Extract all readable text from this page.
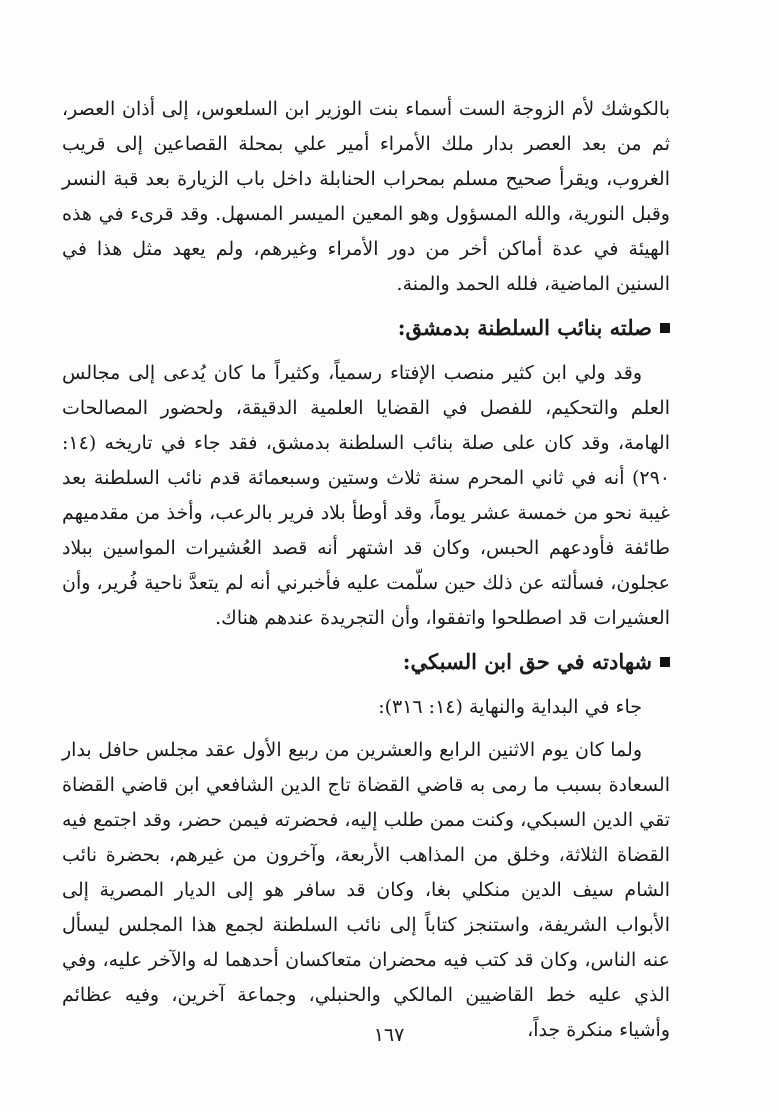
بالكوشك لأم الزوجة الست أسماء بنت الوزير ابن السلعوس، إلى أذان العصر، ثم من بعد العصر بدار ملك الأمراء أمير علي بمحلة القصاعين إلى قريب الغروب، ويقرأ صحيح مسلم بمحراب الحنابلة داخل باب الزيارة بعد قبة النسر وقبل النورية، والله المسؤول وهو المعين الميسر المسهل. وقد قرىء في هذه الهيئة في عدة أماكن أخر من دور الأمراء وغيرهم، ولم يعهد مثل هذا في السنين الماضية، فلله الحمد والمنة.

صلته بنائب السلطنة بدمشق:

وقد ولي ابن كثير منصب الإفتاء رسمياً، وكثيراً ما كان يُدعى إلى مجالس العلم والتحكيم، للفصل في القضايا العلمية الدقيقة، ولحضور المصالحات الهامة، وقد كان على صلة بنائب السلطنة بدمشق، فقد جاء في تاريخه (١٤: ٢٩٠) أنه في ثاني المحرم سنة ثلاث وستين وسبعمائة قدم نائب السلطنة بعد غيبة نحو من خمسة عشر يوماً، وقد أوطأ بلاد فرير بالرعب، وأخذ من مقدميهم طائفة فأودعهم الحبس، وكان قد اشتهر أنه قصد العُشيرات المواسين ببلاد عجلون، فسألته عن ذلك حين سلّمت عليه فأخبرني أنه لم يتعدَّ ناحية فُرير، وأن العشيرات قد اصطلحوا واتفقوا، وأن التجريدة عندهم هناك.

شهادته في حق ابن السبكي:

جاء في البداية والنهاية (١٤: ٣١٦):

ولما كان يوم الاثنين الرابع والعشرين من ربيع الأول عقد مجلس حافل بدار السعادة بسبب ما رمى به قاضي القضاة تاج الدين الشافعي ابن قاضي القضاة تقي الدين السبكي، وكنت ممن طلب إليه، فحضرته فيمن حضر، وقد اجتمع فيه القضاة الثلاثة، وخلق من المذاهب الأربعة، وآخرون من غيرهم، بحضرة نائب الشام سيف الدين منكلي بغا، وكان قد سافر هو إلى الديار المصرية إلى الأبواب الشريفة، واستنجز كتاباً إلى نائب السلطنة لجمع هذا المجلس ليسأل عنه الناس، وكان قد كتب فيه محضران متعاكسان أحدهما له والآخر عليه، وفي الذي عليه خط القاضيين المالكي والحنبلي، وجماعة آخرين، وفيه عظائم وأشياء منكرة جداً،

١٦٧
